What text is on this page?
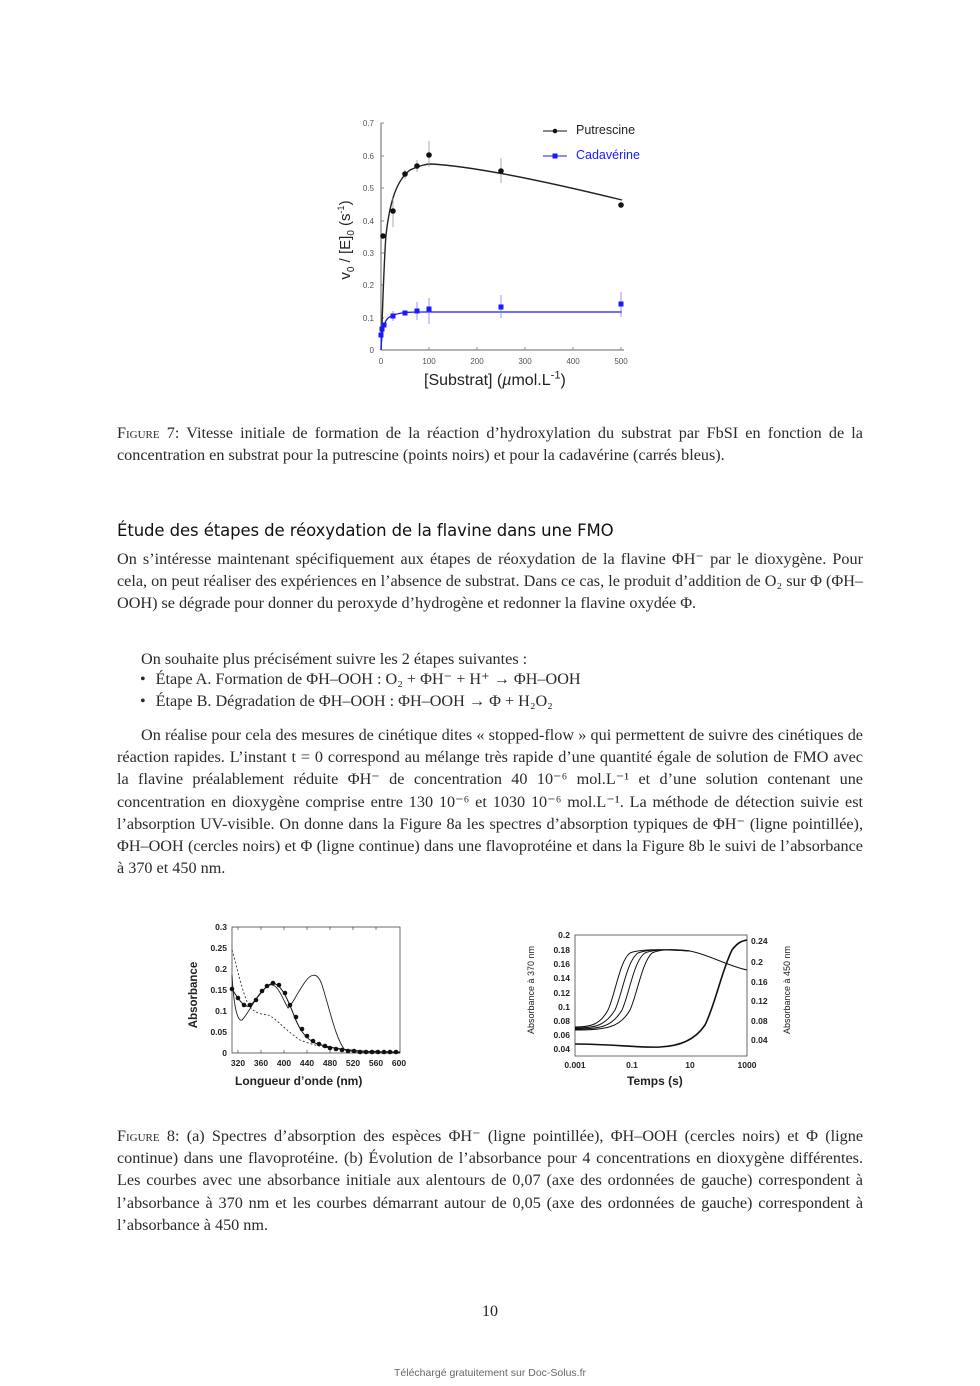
0
0.1
0.2
0.3
0.4
0.5
0.6
0.7
0	100	200	300	400	500
$v_0 / [E]_0$ $(s^{-1})$
Putrescine
Cadavérine
[Substrat] $(\mu mol.L^{-1})$
Figure 7: Vitesse initiale de formation de la réaction d’hydroxylation du substrat par FbSI en fonction de la concentration en substrat pour la putrescine (points noirs) et pour la cadavérine (carrés bleus).
Étude des étapes de réoxydation de la flavine dans une FMO
On s’intéresse maintenant spécifiquement aux étapes de réoxydation de la flavine ΦH⁻ par le dioxygène. Pour cela, on peut réaliser des expériences en l’absence de substrat. Dans ce cas, le produit d’addition de O₂ sur Φ (ΦH–OOH) se dégrade pour donner du peroxyde d’hydrogène et redonner la flavine oxydée Φ.
On souhaite plus précisément suivre les 2 étapes suivantes :
• Étape A. Formation de ΦH–OOH : O₂ + ΦH⁻ + H⁺ → ΦH–OOH
• Étape B. Dégradation de ΦH–OOH : ΦH–OOH → Φ + H₂O₂
On réalise pour cela des mesures de cinétique dites « stopped-flow » qui permettent de suivre des cinétiques de réaction rapides. L’instant t = 0 correspond au mélange très rapide d’une quantité égale de solution de FMO avec la flavine préalablement réduite ΦH⁻ de concentration 40 10⁻⁶ mol.L⁻¹ et d’une solution contenant une concentration en dioxygène comprise entre 130 10⁻⁶ et 1030 10⁻⁶ mol.L⁻¹. La méthode de détection suivie est l’absorption UV-visible. On donne dans la Figure 8a les spectres d’absorption typiques de ΦH⁻ (ligne pointillée), ΦH–OOH (cercles noirs) et Φ (ligne continue) dans une flavoprotéine et dans la Figure 8b le suivi de l’absorbance à 370 et 450 nm.
0
0.05
0.1
0.15
0.2
0.25
0.3
320 360 400 440 480 520 560 600
Absorbance
Longueur d’onde (nm)
0.04
0.06
0.08
0.1
0.12
0.14
0.16
0.18
0.2
0.04
0.08
0.12
0.16
0.2
0.24
0.001	0.1	10	1000
Absorbance à 370 nm	Absorbance à 450 nm
Temps (s)
Figure 8: (a) Spectres d’absorption des espèces ΦH⁻ (ligne pointillée), ΦH–OOH (cercles noirs) et Φ (ligne continue) dans une flavoprotéine. (b) Évolution de l’absorbance pour 4 concentrations en dioxygène différentes. Les courbes avec une absorbance initiale aux alentours de 0,07 (axe des ordonnées de gauche) correspondent à l’absorbance à 370 nm et les courbes démarrant autour de 0,05 (axe des ordonnées de gauche) correspondent à l’absorbance à 450 nm.
10
Téléchargé gratuitement sur Doc-Solus.fr
